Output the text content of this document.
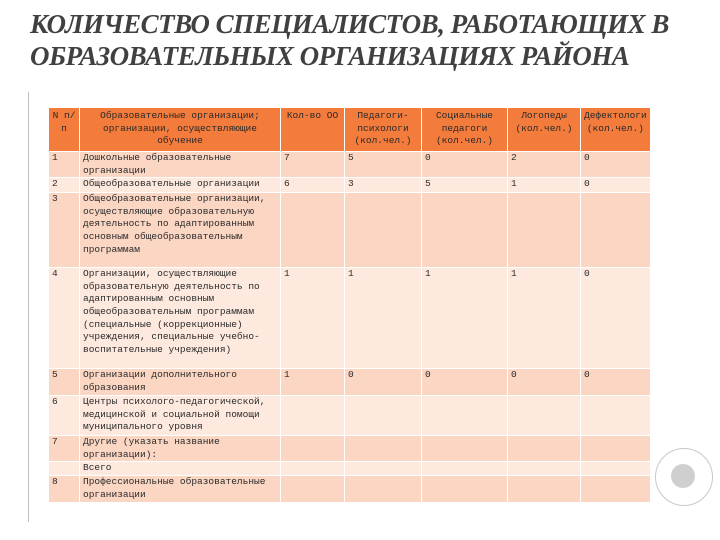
КОЛИЧЕСТВО СПЕЦИАЛИСТОВ, РАБОТАЮЩИХ В ОБРАЗОВАТЕЛЬНЫХ ОРГАНИЗАЦИЯХ РАЙОНА
N п/п	Образовательные организации; организации, осуществляющие обучение	Кол-во ОО	Педагоги-психологи (кол.чел.)	Социальные педагоги (кол.чел.)	Логопеды (кол.чел.)	Дефектологи (кол.чел.)
1	Дошкольные образовательные организации	7	5	0	2	0
2	Общеобразовательные организации	6	3	5	1	0
3	Общеобразовательные организации, осуществляющие образовательную деятельность по адаптированным основным общеобразовательным программам					
4	Организации, осуществляющие образовательную деятельность по адаптированным основным общеобразовательным программам (специальные (коррекционные) учреждения, специальные учебно-воспитательные учреждения)	1	1	1	1	0
5	Организации дополнительного образования	1	0	0	0	0
6	Центры психолого-педагогической, медицинской и социальной помощи муниципального уровня					
7	Другие (указать название организации):					
	Всего					
8	Профессиональные образовательные организации					
